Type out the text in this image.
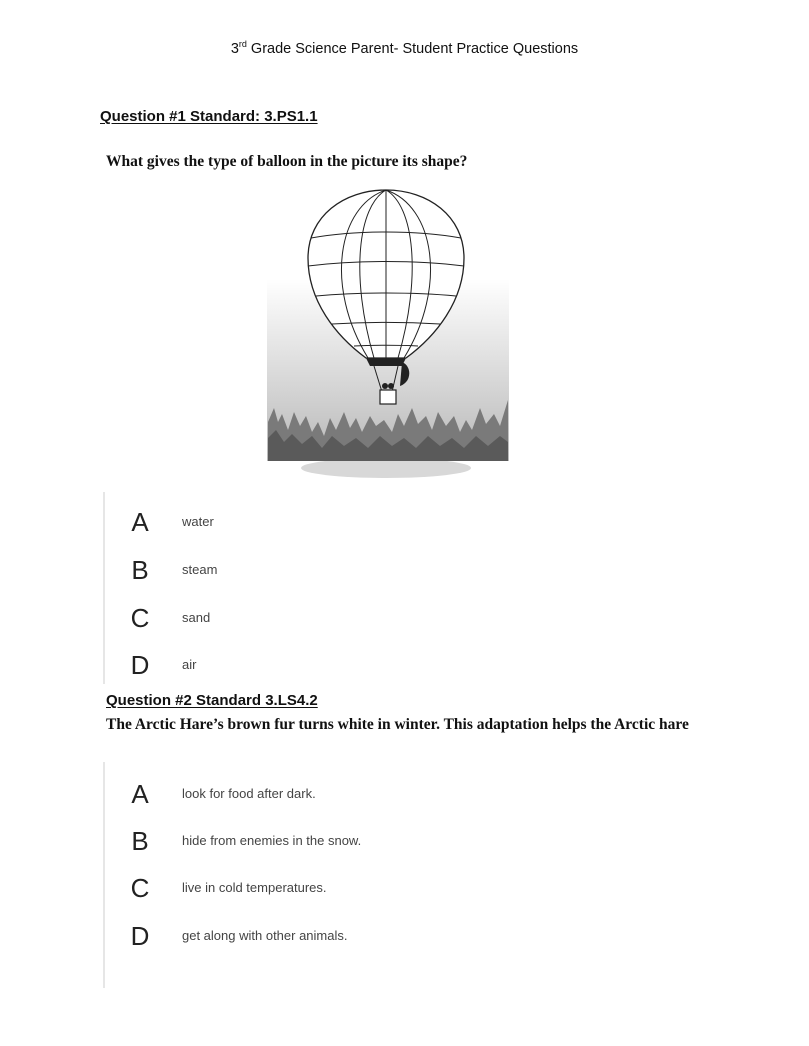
3rd Grade Science Parent- Student Practice Questions
Question #1 Standard: 3.PS1.1
What gives the type of balloon in the picture its shape?
A	water
B	steam
C	sand
D	air
Question #2 Standard 3.LS4.2
The Arctic Hare’s brown fur turns white in winter. This adaptation helps the Arctic hare
A	look for food after dark.
B	hide from enemies in the snow.
C	live in cold temperatures.
D	get along with other animals.
